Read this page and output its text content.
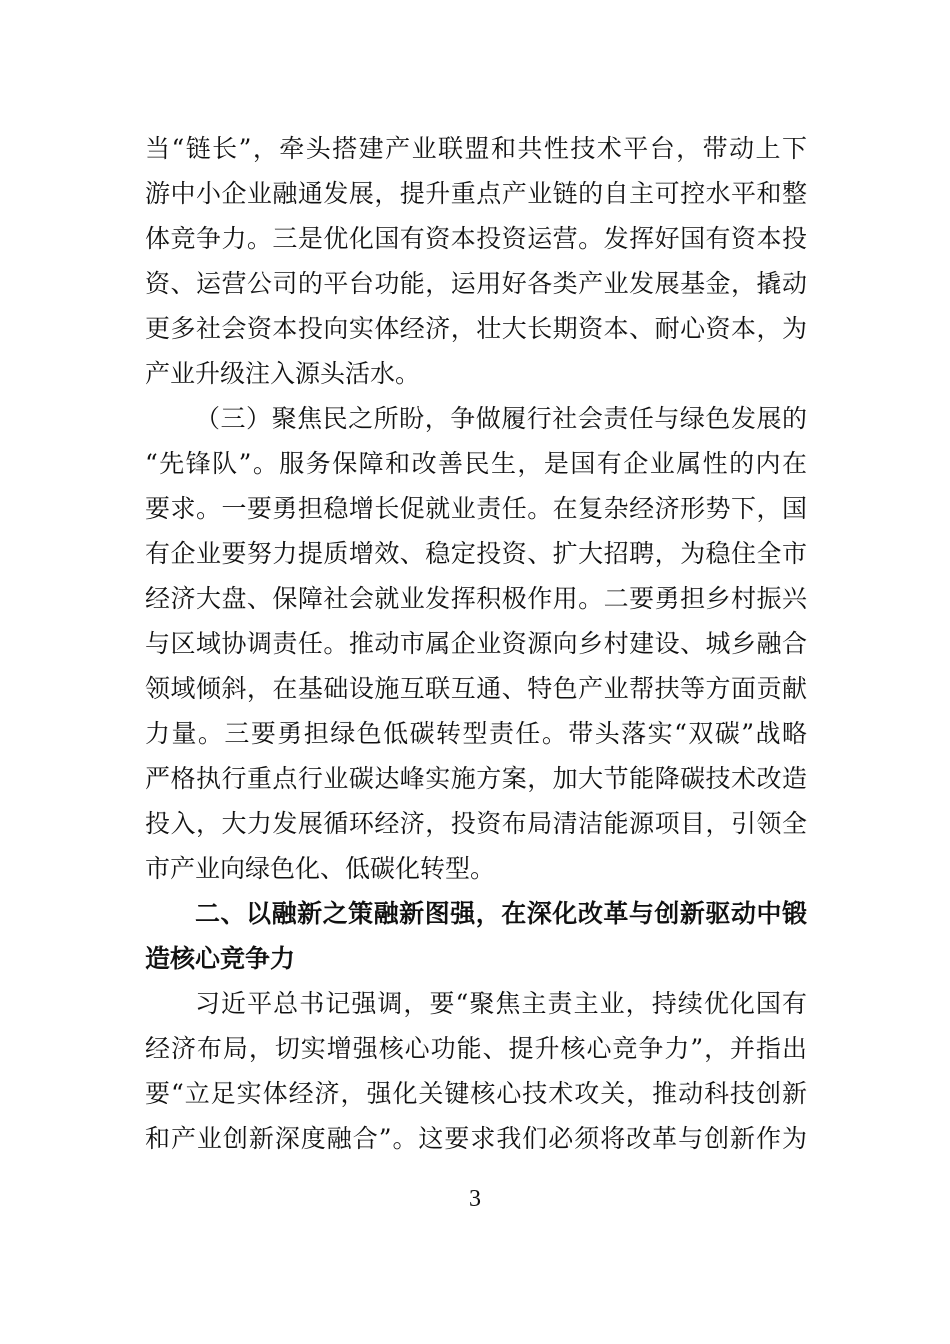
当“链长”，牵头搭建产业联盟和共性技术平台，带动上下
游中小企业融通发展，提升重点产业链的自主可控水平和整
体竞争力。三是优化国有资本投资运营。发挥好国有资本投
资、运营公司的平台功能，运用好各类产业发展基金，撬动
更多社会资本投向实体经济，壮大长期资本、耐心资本，为
产业升级注入源头活水。
（三）聚焦民之所盼，争做履行社会责任与绿色发展的
“先锋队”。服务保障和改善民生，是国有企业属性的内在
要求。一要勇担稳增长促就业责任。在复杂经济形势下，国
有企业要努力提质增效、稳定投资、扩大招聘，为稳住全市
经济大盘、保障社会就业发挥积极作用。二要勇担乡村振兴
与区域协调责任。推动市属企业资源向乡村建设、城乡融合
领域倾斜，在基础设施互联互通、特色产业帮扶等方面贡献
力量。三要勇担绿色低碳转型责任。带头落实“双碳”战略
严格执行重点行业碳达峰实施方案，加大节能降碳技术改造
投入，大力发展循环经济，投资布局清洁能源项目，引领全
市产业向绿色化、低碳化转型。
二、以融新之策融新图强，在深化改革与创新驱动中锻
造核心竞争力
习近平总书记强调，要“聚焦主责主业，持续优化国有
经济布局，切实增强核心功能、提升核心竞争力”，并指出
要“立足实体经济，强化关键核心技术攻关，推动科技创新
和产业创新深度融合”。这要求我们必须将改革与创新作为
3
